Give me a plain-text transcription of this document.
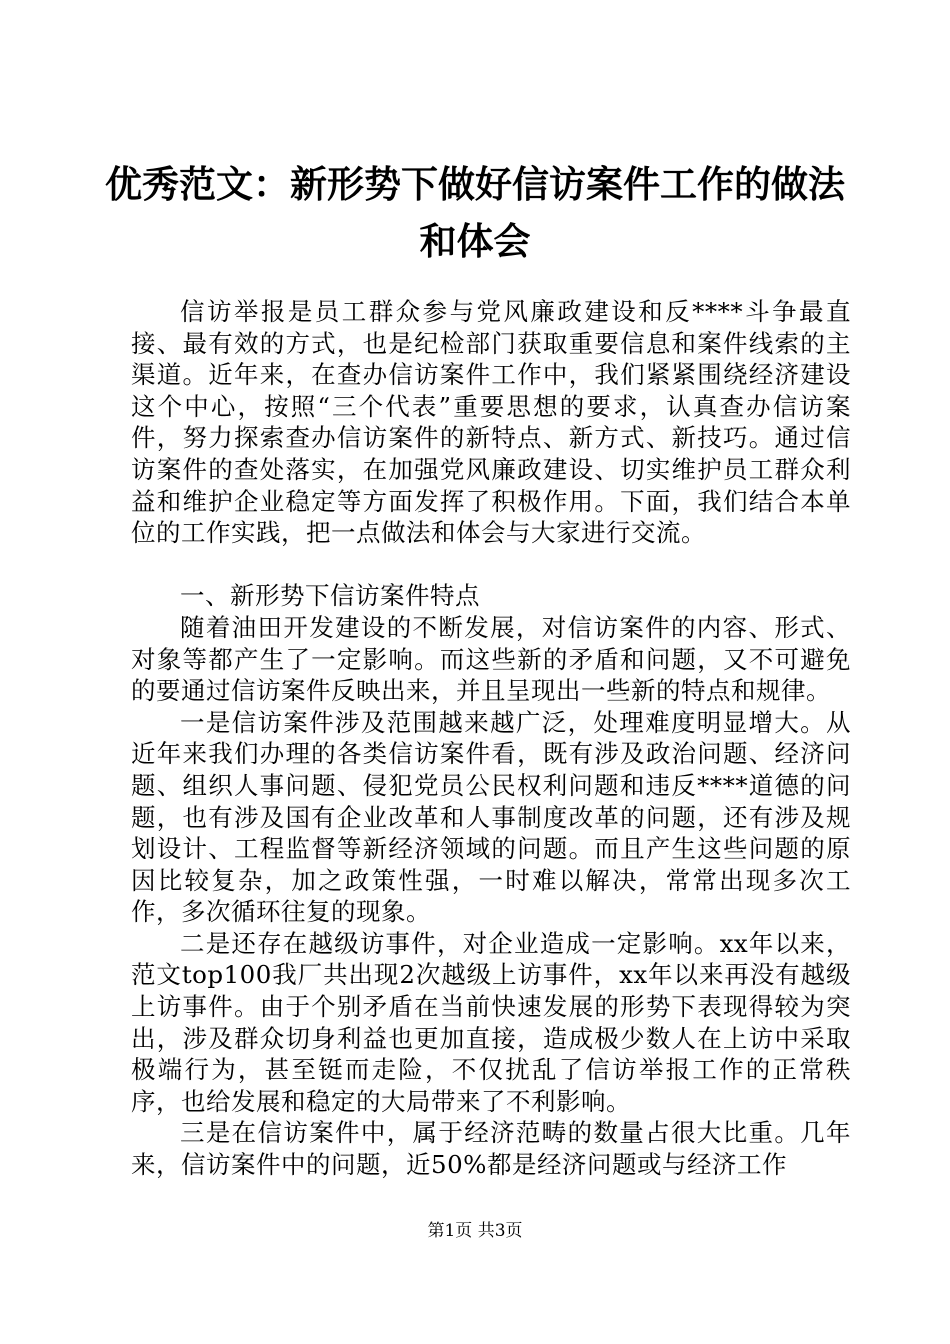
优秀范文：新形势下做好信访案件工作的做法
和体会

信访举报是员工群众参与党风廉政建设和反****斗争最直接、最有效的方式，也是纪检部门获取重要信息和案件线索的主渠道。近年来，在查办信访案件工作中，我们紧紧围绕经济建设这个中心，按照“三个代表”重要思想的要求，认真查办信访案件，努力探索查办信访案件的新特点、新方式、新技巧。通过信访案件的查处落实，在加强党风廉政建设、切实维护员工群众利益和维护企业稳定等方面发挥了积极作用。下面，我们结合本单位的工作实践，把一点做法和体会与大家进行交流。

一、新形势下信访案件特点

随着油田开发建设的不断发展，对信访案件的内容、形式、对象等都产生了一定影响。而这些新的矛盾和问题，又不可避免的要通过信访案件反映出来，并且呈现出一些新的特点和规律。

一是信访案件涉及范围越来越广泛，处理难度明显增大。从近年来我们办理的各类信访案件看，既有涉及政治问题、经济问题、组织人事问题、侵犯党员公民权利问题和违反****道德的问题，也有涉及国有企业改革和人事制度改革的问题，还有涉及规划设计、工程监督等新经济领域的问题。而且产生这些问题的原因比较复杂，加之政策性强，一时难以解决，常常出现多次工作，多次循环往复的现象。

二是还存在越级访事件，对企业造成一定影响。xx年以来，范文top100我厂共出现2次越级上访事件，xx年以来再没有越级上访事件。由于个别矛盾在当前快速发展的形势下表现得较为突出，涉及群众切身利益也更加直接，造成极少数人在上访中采取极端行为，甚至铤而走险，不仅扰乱了信访举报工作的正常秩序，也给发展和稳定的大局带来了不利影响。

三是在信访案件中，属于经济范畴的数量占很大比重。几年来，信访案件中的问题，近50%都是经济问题或与经济工作

第1页 共3页
